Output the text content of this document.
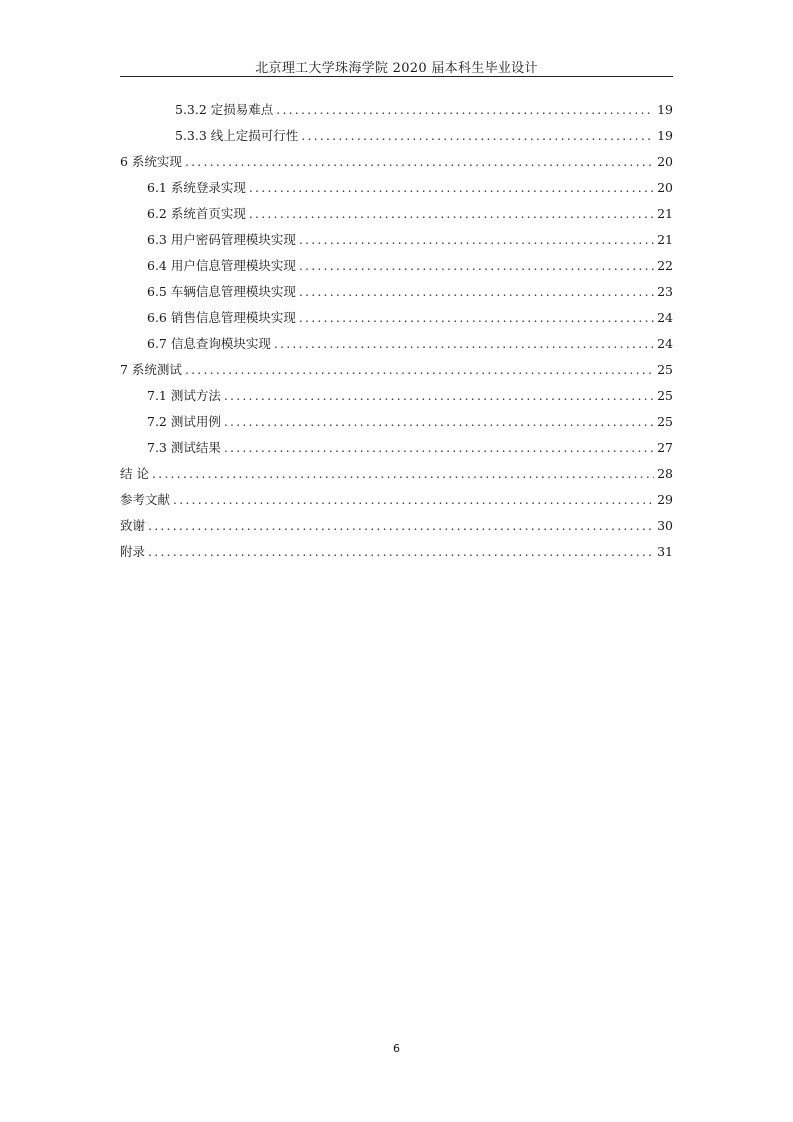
北京理工大学珠海学院 2020 届本科生毕业设计
5.3.2 定损易难点 .....	19
5.3.3 线上定损可行性 .....	19
6 系统实现 .....	20
6.1 系统登录实现 .....	20
6.2 系统首页实现 .....	21
6.3 用户密码管理模块实现 .....	21
6.4 用户信息管理模块实现 .....	22
6.5 车辆信息管理模块实现 .....	23
6.6 销售信息管理模块实现 .....	24
6.7 信息查询模块实现 .....	24
7 系统测试 .....	25
7.1 测试方法 .....	25
7.2 测试用例 .....	25
7.3 测试结果 .....	27
结 论 .....	28
参考文献 .....	29
致谢 .....	30
附录 .....	31
6
